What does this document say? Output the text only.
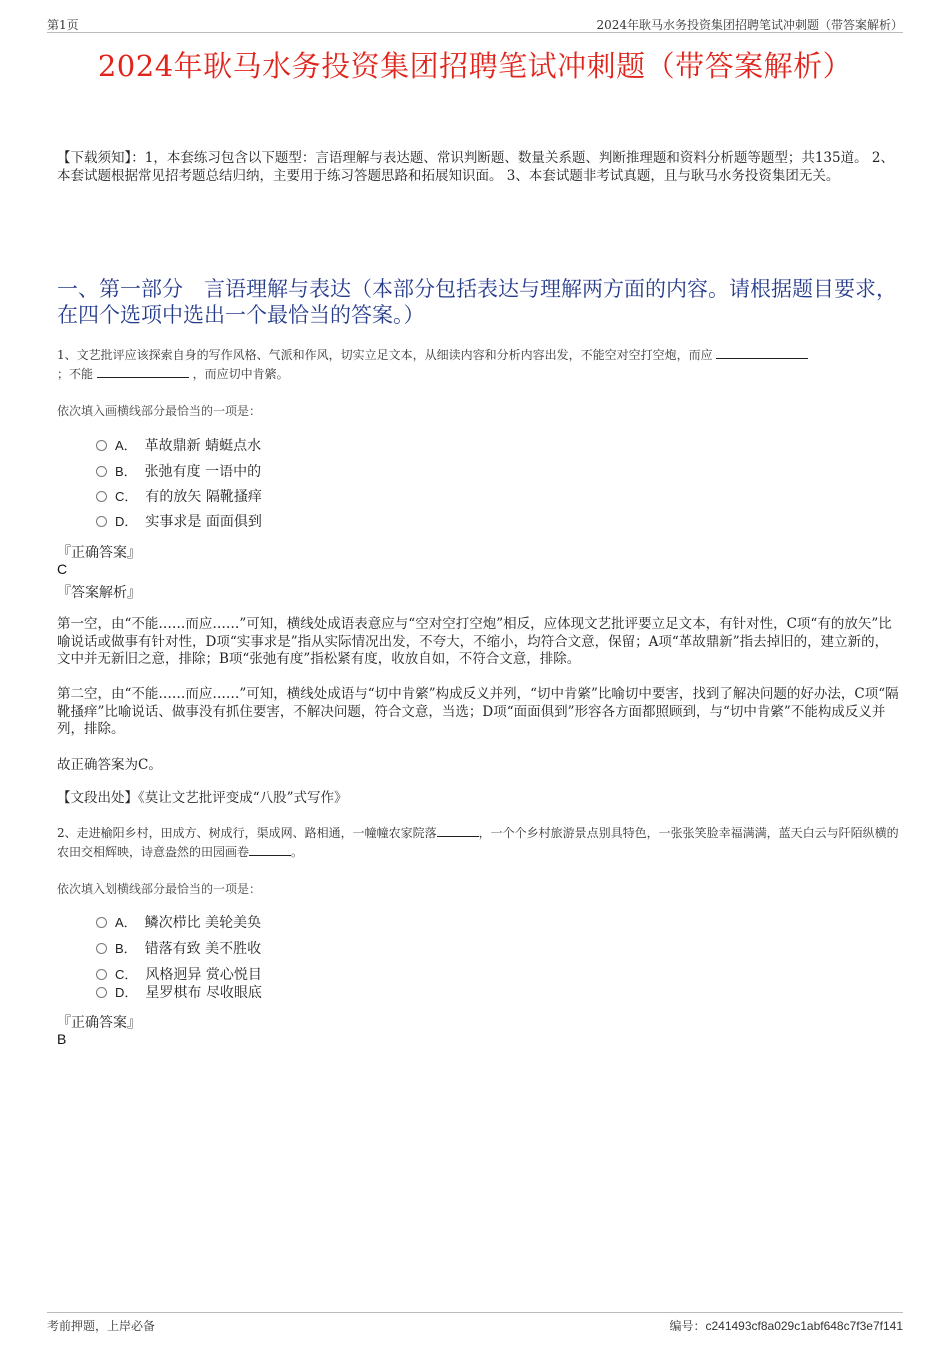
第1页	2024年耿马水务投资集团招聘笔试冲刺题（带答案解析）
2024年耿马水务投资集团招聘笔试冲刺题（带答案解析）
【下载须知】：1，本套练习包含以下题型：言语理解与表达题、常识判断题、数量关系题、判断推理题和资料分析题等题型；共135道。 2、本套试题根据常见招考题总结归纳，主要用于练习答题思路和拓展知识面。 3、本套试题非考试真题，且与耿马水务投资集团无关。
一、第一部分　言语理解与表达（本部分包括表达与理解两方面的内容。请根据题目要求，在四个选项中选出一个最恰当的答案。）
1、文艺批评应该探索自身的写作风格、气派和作风，切实立足文本，从细读内容和分析内容出发，不能空对空打空炮，而应
；不能	，而应切中肯綮。
依次填入画横线部分最恰当的一项是：
A． 革故鼎新 蜻蜓点水
B． 张弛有度 一语中的
C． 有的放矢 隔靴搔痒
D． 实事求是 面面俱到
『正确答案』
C
『答案解析』
第一空，由“不能……而应……”可知，横线处成语表意应与“空对空打空炮”相反，应体现文艺批评要立足文本，有针对性，C项“有的放矢”比喻说话或做事有针对性，D项“实事求是”指从实际情况出发，不夸大，不缩小，均符合文意，保留；A项“革故鼎新”指去掉旧的，建立新的，文中并无新旧之意，排除；B项“张弛有度”指松紧有度，收放自如，不符合文意，排除。
第二空，由“不能……而应……”可知，横线处成语与“切中肯綮”构成反义并列，“切中肯綮”比喻切中要害，找到了解决问题的好办法，C项“隔靴搔痒”比喻说话、做事没有抓住要害，不解决问题，符合文意，当选；D项“面面俱到”形容各方面都照顾到，与“切中肯綮”不能构成反义并列，排除。
故正确答案为C。
【文段出处】《莫让文艺批评变成“八股”式写作》
2、走进榆阳乡村，田成方、树成行，渠成网、路相通，一幢幢农家院落	，一个个乡村旅游景点别具特色，一张张笑脸幸福满满，蓝天白云与阡陌纵横的农田交相辉映，诗意盎然的田园画卷	。
依次填入划横线部分最恰当的一项是：
A． 鳞次栉比 美轮美奂
B． 错落有致 美不胜收
C． 风格迥异 赏心悦目
D． 星罗棋布 尽收眼底
『正确答案』
B
考前押题，上岸必备	编号：c241493cf8a029c1abf648c7f3e7f141
